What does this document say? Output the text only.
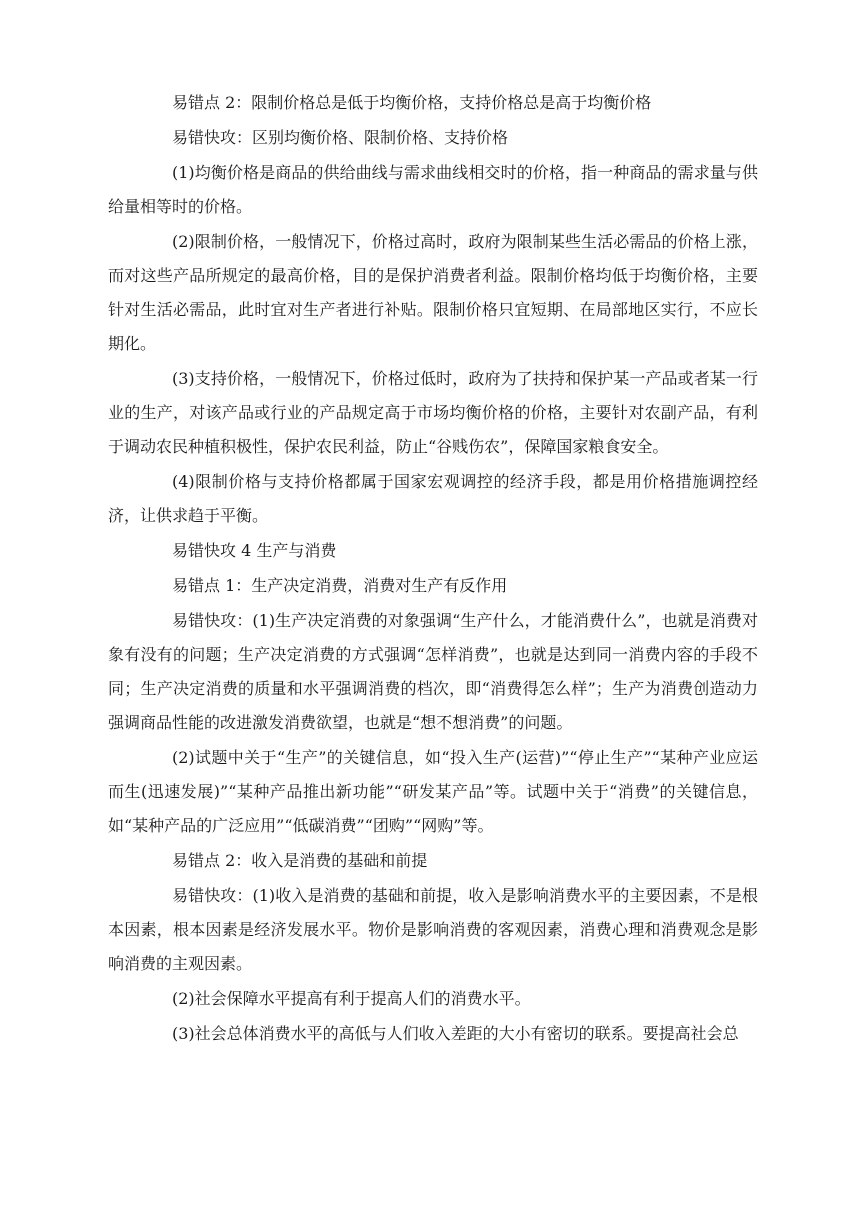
易错点 2：限制价格总是低于均衡价格，支持价格总是高于均衡价格

易错快攻：区别均衡价格、限制价格、支持价格

(1)均衡价格是商品的供给曲线与需求曲线相交时的价格，指一种商品的需求量与供给量相等时的价格。

(2)限制价格，一般情况下，价格过高时，政府为限制某些生活必需品的价格上涨，而对这些产品所规定的最高价格，目的是保护消费者利益。限制价格均低于均衡价格，主要针对生活必需品，此时宜对生产者进行补贴。限制价格只宜短期、在局部地区实行，不应长期化。

(3)支持价格，一般情况下，价格过低时，政府为了扶持和保护某一产品或者某一行业的生产，对该产品或行业的产品规定高于市场均衡价格的价格，主要针对农副产品，有利于调动农民种植积极性，保护农民利益，防止“谷贱伤农”，保障国家粮食安全。

(4)限制价格与支持价格都属于国家宏观调控的经济手段，都是用价格措施调控经济，让供求趋于平衡。

易错快攻 4 生产与消费

易错点 1：生产决定消费，消费对生产有反作用

易错快攻：(1)生产决定消费的对象强调“生产什么，才能消费什么”，也就是消费对象有没有的问题；生产决定消费的方式强调“怎样消费”，也就是达到同一消费内容的手段不同；生产决定消费的质量和水平强调消费的档次，即“消费得怎么样”；生产为消费创造动力强调商品性能的改进激发消费欲望，也就是“想不想消费”的问题。

(2)试题中关于“生产”的关键信息，如“投入生产(运营)”“停止生产”“某种产业应运而生(迅速发展)”“某种产品推出新功能”“研发某产品”等。试题中关于“消费”的关键信息，如“某种产品的广泛应用”“低碳消费”“团购”“网购”等。

易错点 2：收入是消费的基础和前提

易错快攻：(1)收入是消费的基础和前提，收入是影响消费水平的主要因素，不是根本因素，根本因素是经济发展水平。物价是影响消费的客观因素，消费心理和消费观念是影响消费的主观因素。

(2)社会保障水平提高有利于提高人们的消费水平。

(3)社会总体消费水平的高低与人们收入差距的大小有密切的联系。要提高社会总
